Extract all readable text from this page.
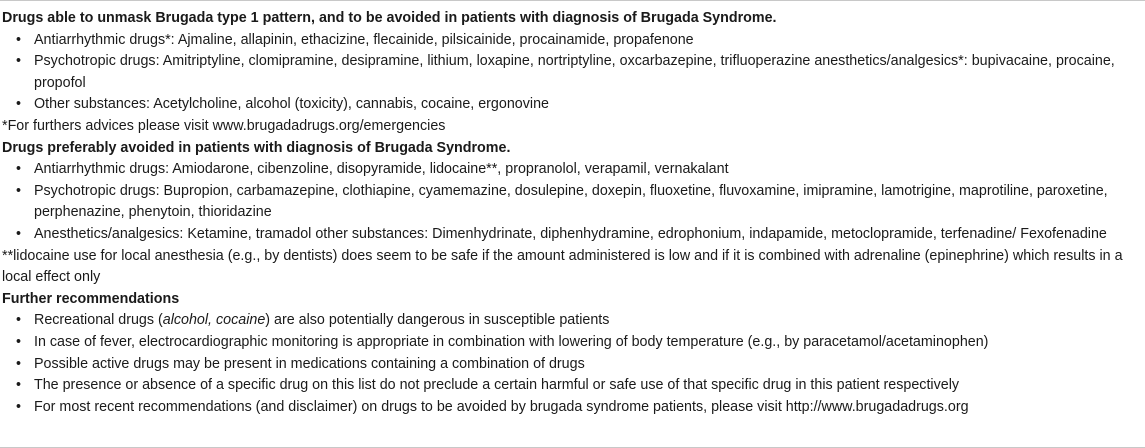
Drugs able to unmask Brugada type 1 pattern, and to be avoided in patients with diagnosis of Brugada Syndrome.
• Antiarrhythmic drugs*: Ajmaline, allapinin, ethacizine, flecainide, pilsicainide, procainamide, propafenone
• Psychotropic drugs: Amitriptyline, clomipramine, desipramine, lithium, loxapine, nortriptyline, oxcarbazepine, trifluoperazine anesthetics/analgesics*: bupivacaine, procaine, propofol
• Other substances: Acetylcholine, alcohol (toxicity), cannabis, cocaine, ergonovine
*For furthers advices please visit www.brugadadrugs.org/emergencies
Drugs preferably avoided in patients with diagnosis of Brugada Syndrome.
• Antiarrhythmic drugs: Amiodarone, cibenzoline, disopyramide, lidocaine**, propranolol, verapamil, vernakalant
• Psychotropic drugs: Bupropion, carbamazepine, clothiapine, cyamemazine, dosulepine, doxepin, fluoxetine, fluvoxamine, imipramine, lamotrigine, maprotiline, paroxetine, perphenazine, phenytoin, thioridazine
• Anesthetics/analgesics: Ketamine, tramadol other substances: Dimenhydrinate, diphenhydramine, edrophonium, indapamide, metoclopramide, terfenadine/ Fexofenadine
**lidocaine use for local anesthesia (e.g., by dentists) does seem to be safe if the amount administered is low and if it is combined with adrenaline (epinephrine) which results in a local effect only
Further recommendations
• Recreational drugs (alcohol, cocaine) are also potentially dangerous in susceptible patients
• In case of fever, electrocardiographic monitoring is appropriate in combination with lowering of body temperature (e.g., by paracetamol/acetaminophen)
• Possible active drugs may be present in medications containing a combination of drugs
• The presence or absence of a specific drug on this list do not preclude a certain harmful or safe use of that specific drug in this patient respectively
• For most recent recommendations (and disclaimer) on drugs to be avoided by brugada syndrome patients, please visit http://www.brugadadrugs.org
